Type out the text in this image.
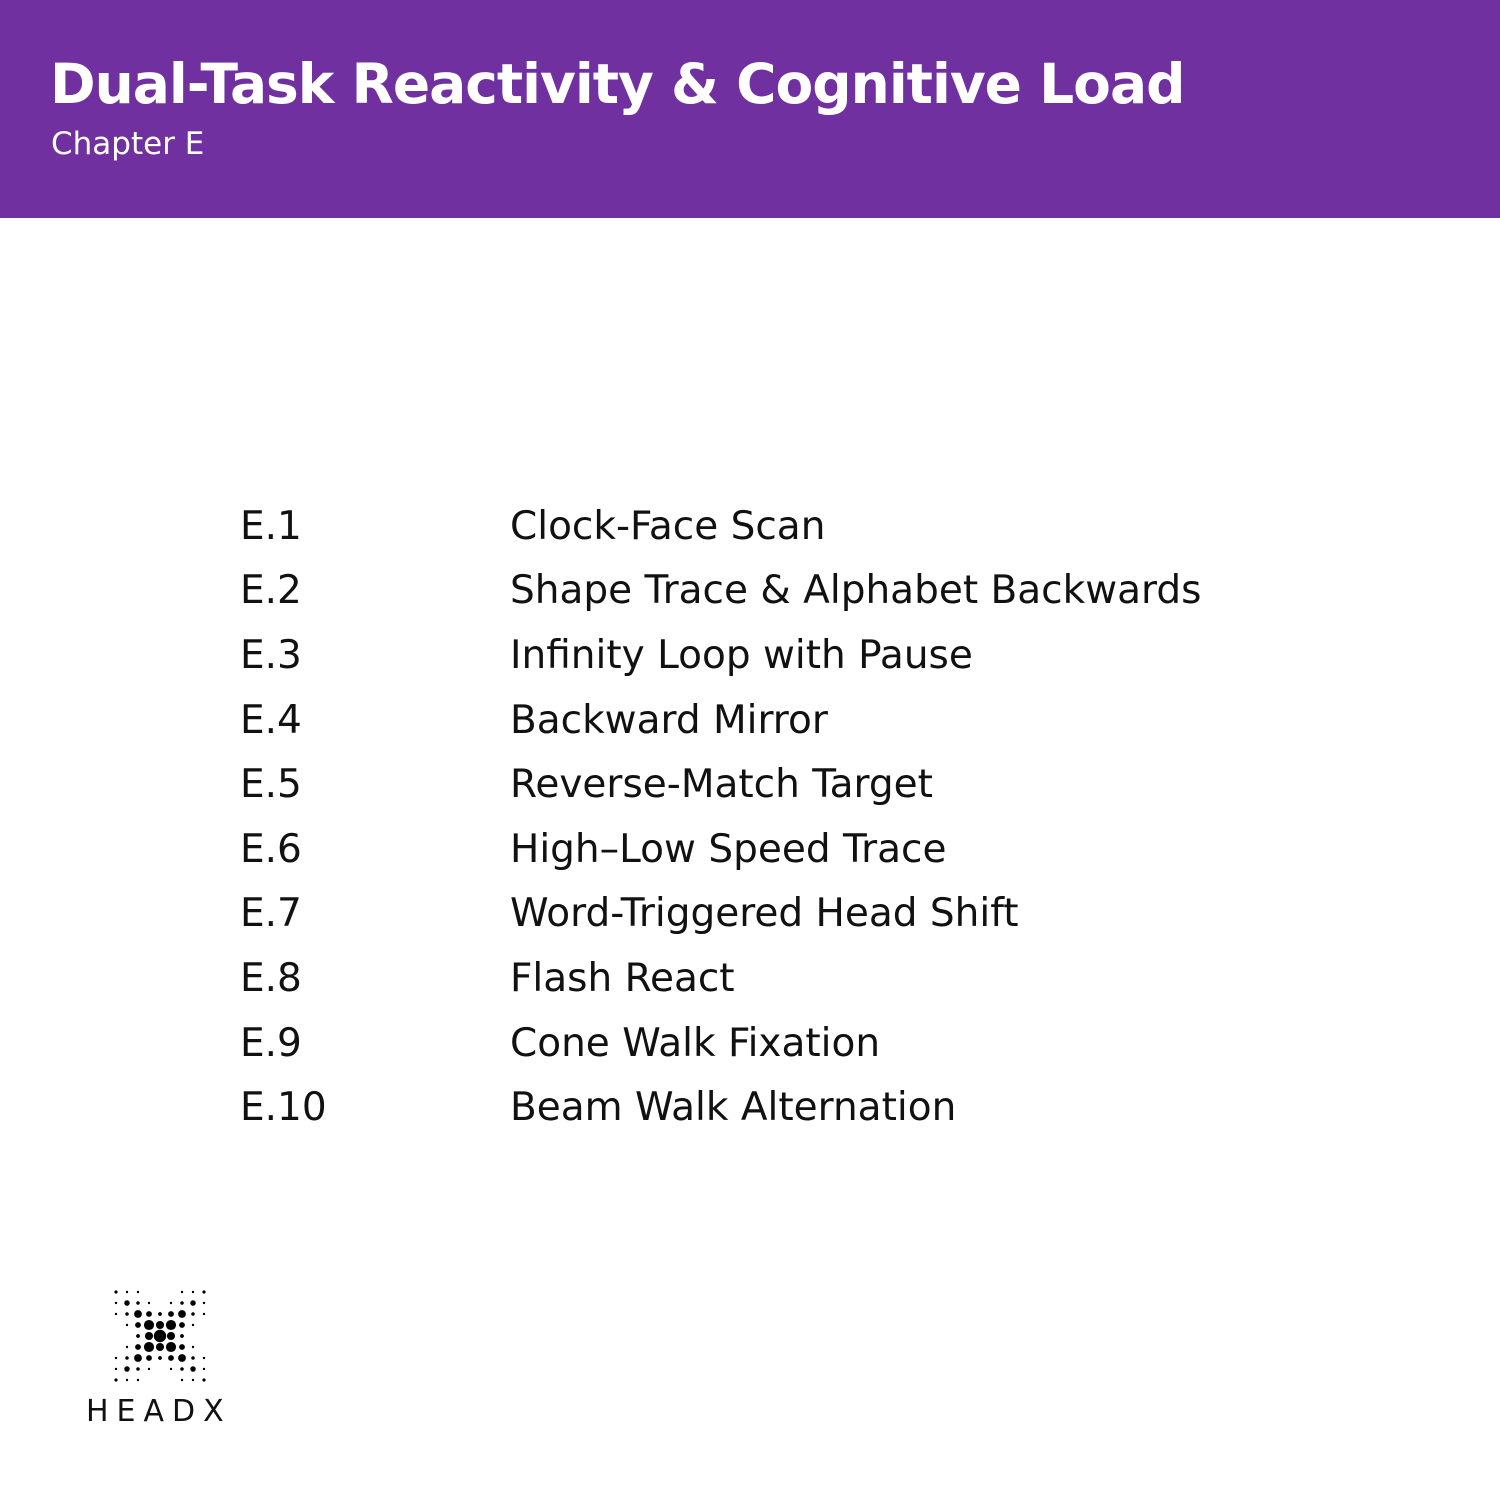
Dual-Task Reactivity & Cognitive Load

Chapter E

E.1	Clock-Face Scan
E.2	Shape Trace & Alphabet Backwards
E.3	Infinity Loop with Pause
E.4	Backward Mirror
E.5	Reverse-Match Target
E.6	High–Low Speed Trace
E.7	Word-Triggered Head Shift
E.8	Flash React
E.9	Cone Walk Fixation
E.10	Beam Walk Alternation
HEADX
